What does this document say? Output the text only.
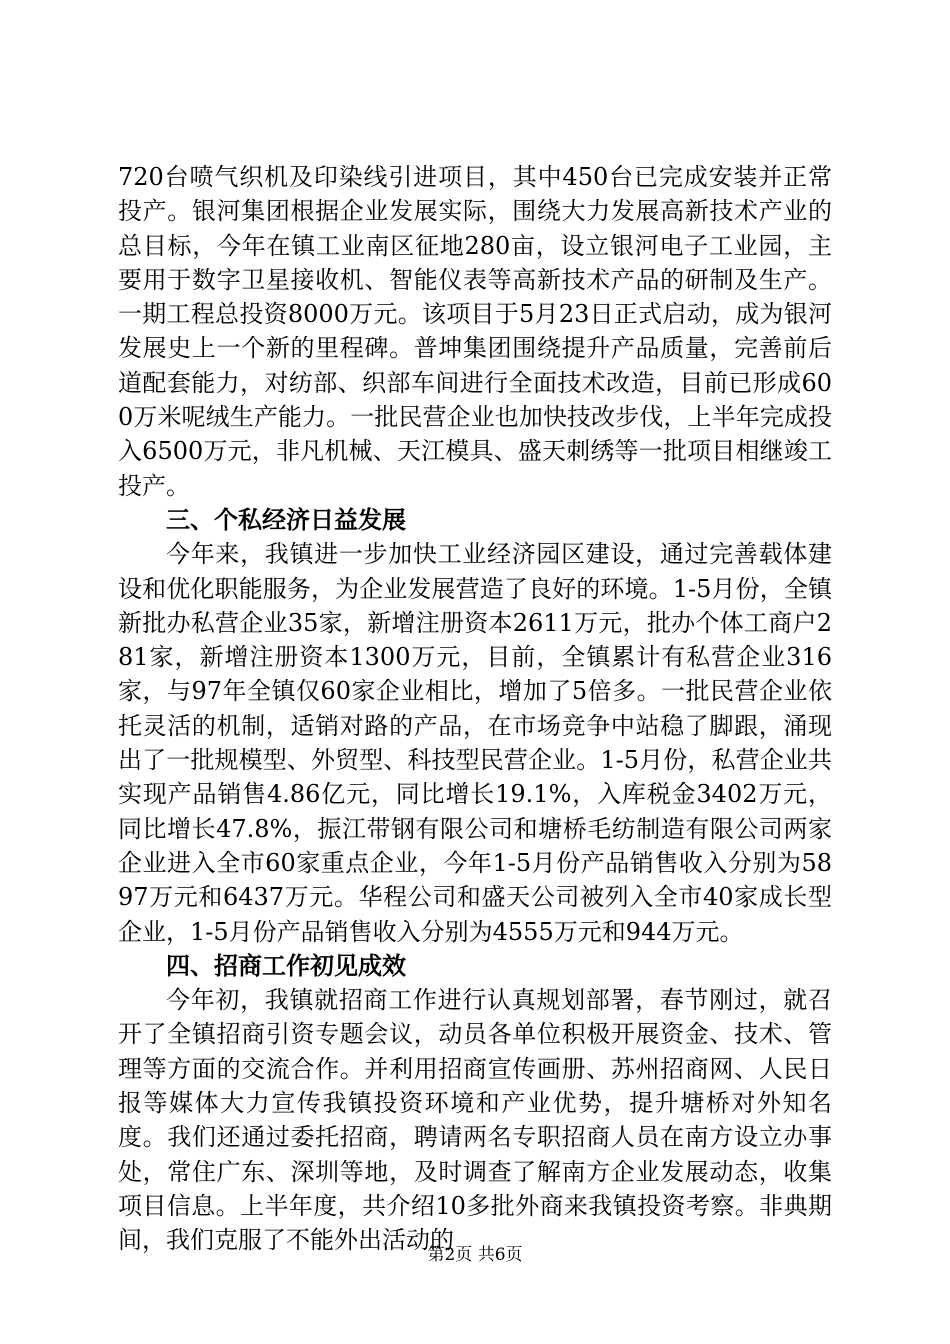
720台喷气织机及印染线引进项目，其中450台已完成安装并正常投产。银河集团根据企业发展实际，围绕大力发展高新技术产业的总目标，今年在镇工业南区征地280亩，设立银河电子工业园，主要用于数字卫星接收机、智能仪表等高新技术产品的研制及生产。一期工程总投资8000万元。该项目于5月23日正式启动，成为银河发展史上一个新的里程碑。普坤集团围绕提升产品质量，完善前后道配套能力，对纺部、织部车间进行全面技术改造，目前已形成600万米呢绒生产能力。一批民营企业也加快技改步伐，上半年完成投入6500万元，非凡机械、天江模具、盛天刺绣等一批项目相继竣工投产。

三、个私经济日益发展

今年来，我镇进一步加快工业经济园区建设，通过完善载体建设和优化职能服务，为企业发展营造了良好的环境。1-5月份，全镇新批办私营企业35家，新增注册资本2611万元，批办个体工商户281家，新增注册资本1300万元，目前，全镇累计有私营企业316家，与97年全镇仅60家企业相比，增加了5倍多。一批民营企业依托灵活的机制，适销对路的产品，在市场竞争中站稳了脚跟，涌现出了一批规模型、外贸型、科技型民营企业。1-5月份，私营企业共实现产品销售4.86亿元，同比增长19.1%，入库税金3402万元，同比增长47.8%，振江带钢有限公司和塘桥毛纺制造有限公司两家企业进入全市60家重点企业，今年1-5月份产品销售收入分别为5897万元和6437万元。华程公司和盛天公司被列入全市40家成长型企业，1-5月份产品销售收入分别为4555万元和944万元。

四、招商工作初见成效

今年初，我镇就招商工作进行认真规划部署，春节刚过，就召开了全镇招商引资专题会议，动员各单位积极开展资金、技术、管理等方面的交流合作。并利用招商宣传画册、苏州招商网、人民日报等媒体大力宣传我镇投资环境和产业优势，提升塘桥对外知名度。我们还通过委托招商，聘请两名专职招商人员在南方设立办事处，常住广东、深圳等地，及时调查了解南方企业发展动态，收集项目信息。上半年度，共介绍10多批外商来我镇投资考察。非典期间，我们克服了不能外出活动的

第2页 共6页
